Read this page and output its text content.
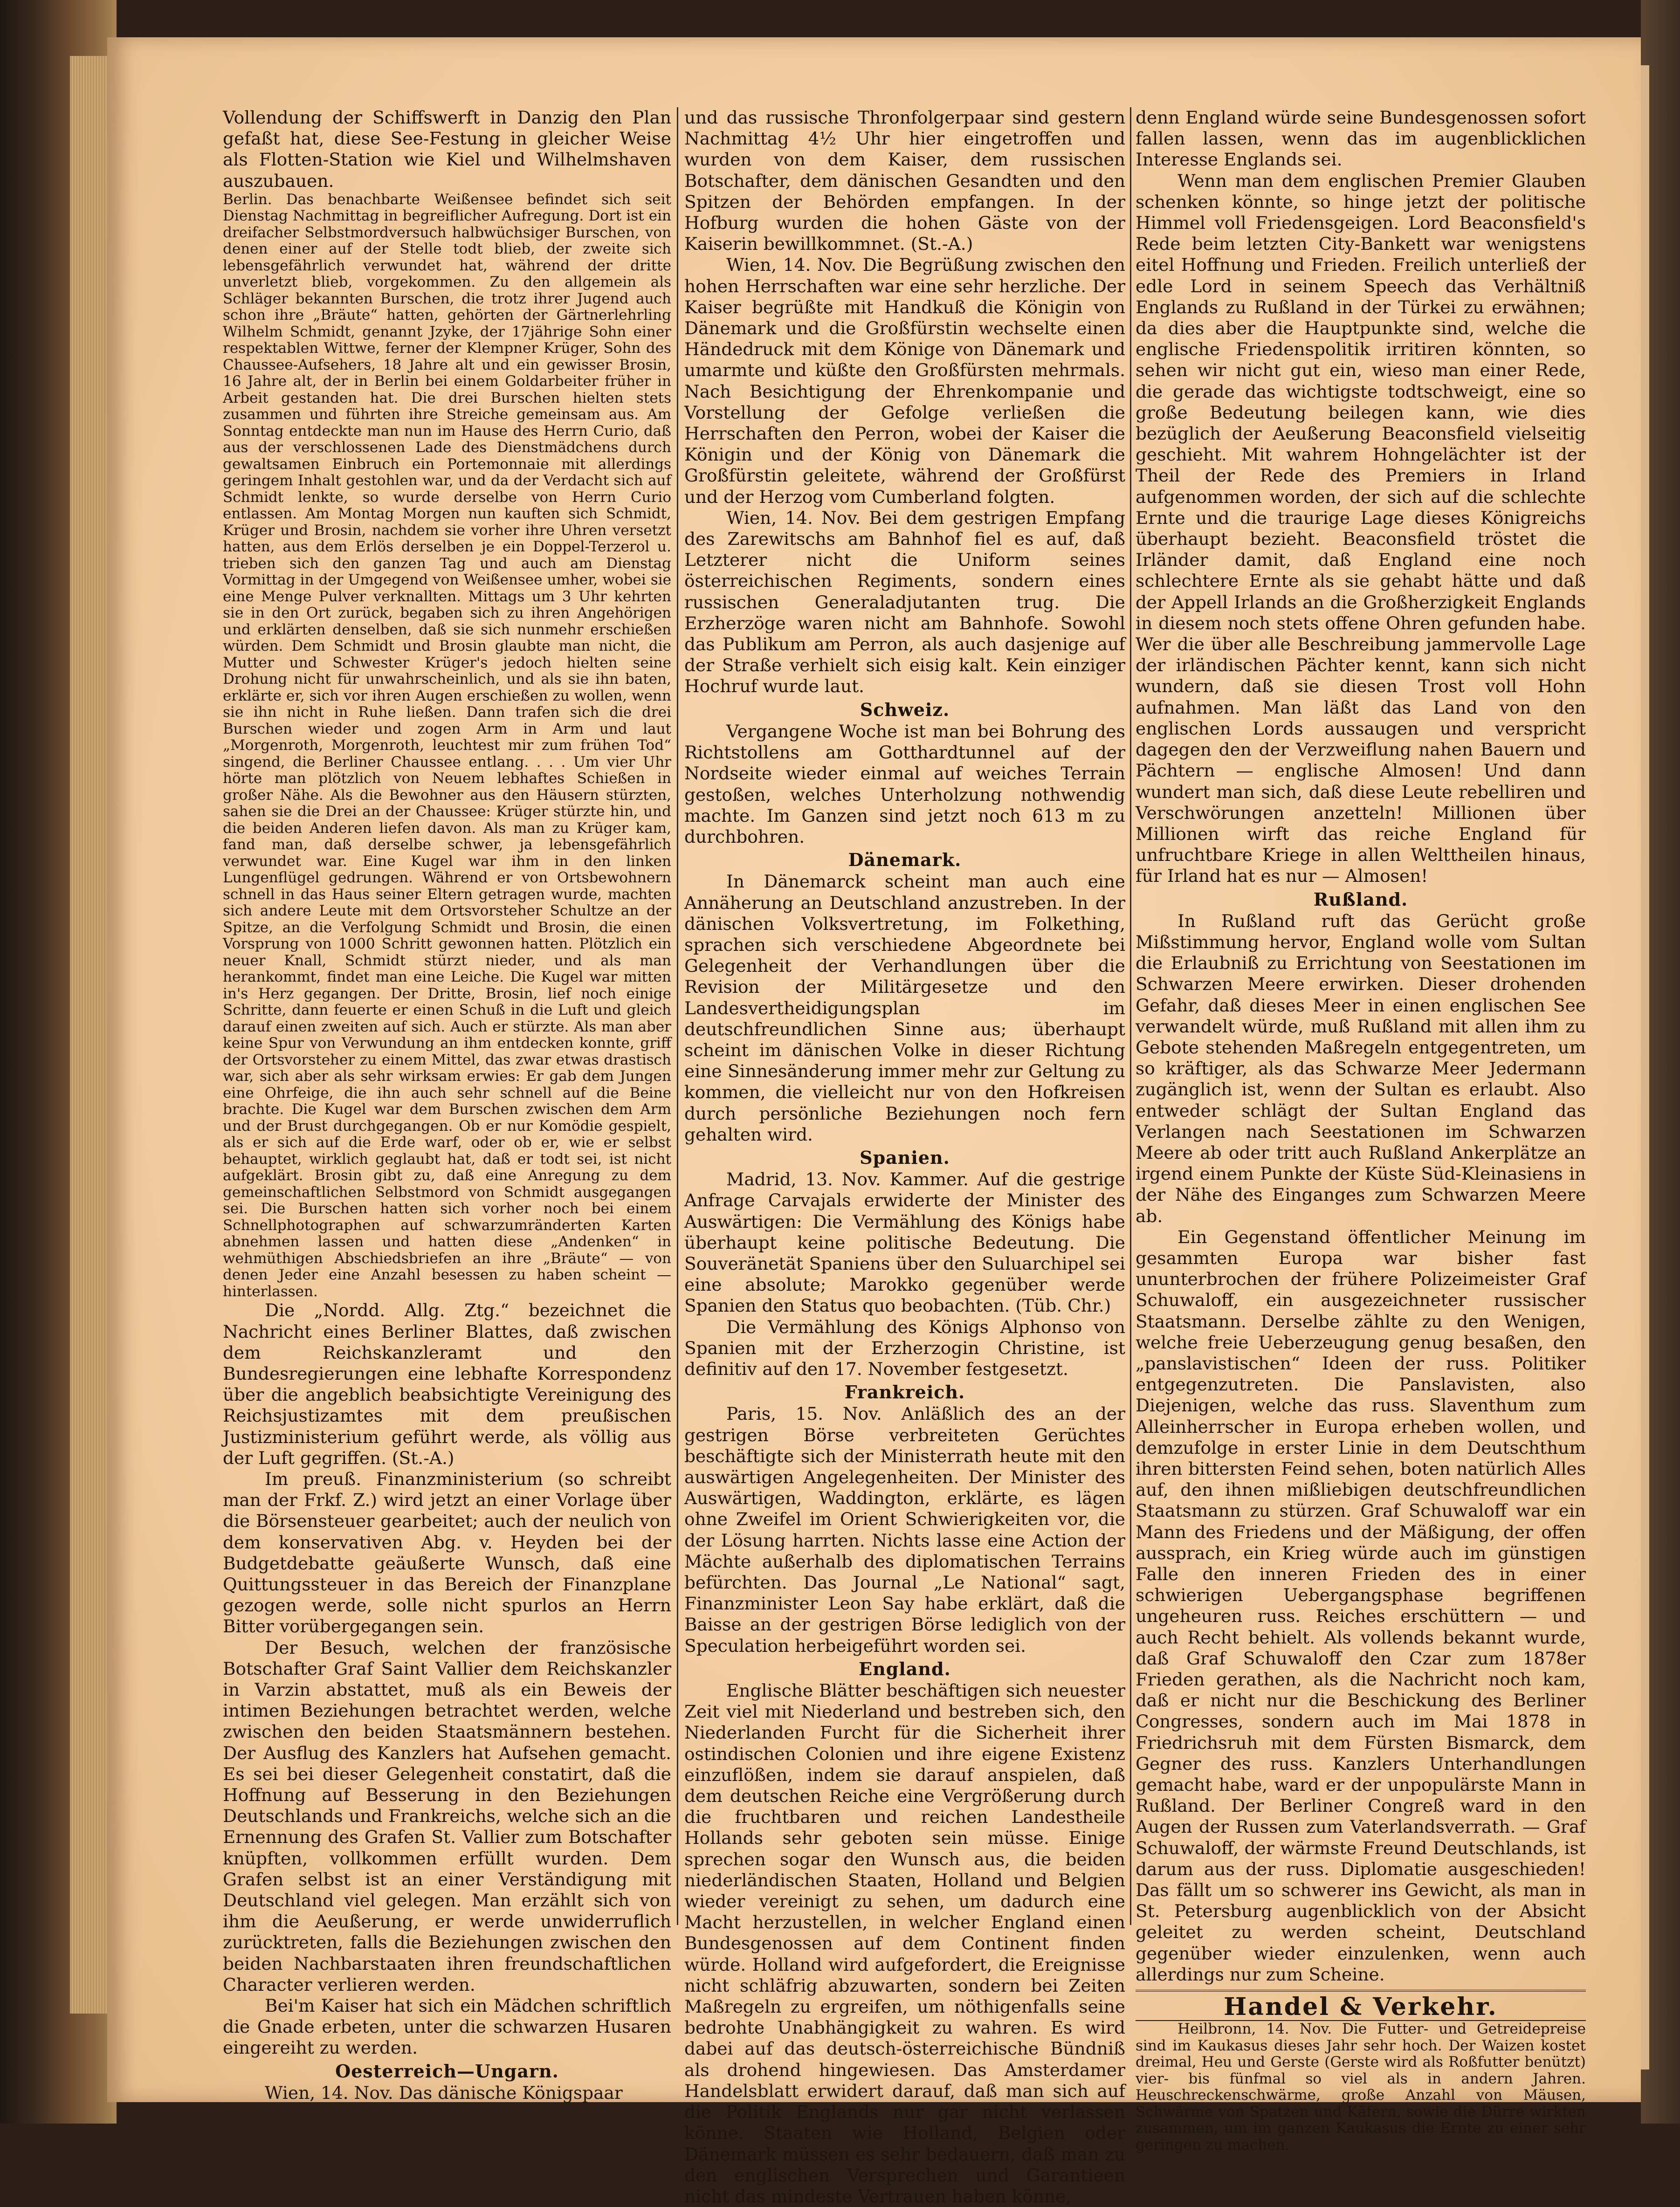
Vollendung der Schiffswerft in Danzig den Plan gefaßt hat, diese See-Festung in gleicher Weise als Flotten-Station wie Kiel und Wilhelmshaven auszubauen.

Berlin. Das benachbarte Weißensee befindet sich seit Dienstag Nachmittag in begreiflicher Aufregung. Dort ist ein dreifacher Selbstmordversuch halbwüchsiger Burschen, von denen einer auf der Stelle todt blieb, der zweite sich lebensgefährlich verwundet hat, während der dritte unverletzt blieb, vorgekommen. Zu den allgemein als Schläger bekannten Burschen, die trotz ihrer Jugend auch schon ihre „Bräute“ hatten, gehörten der Gärtnerlehrling Wilhelm Schmidt, genannt Jzyke, der 17jährige Sohn einer respektablen Wittwe, ferner der Klempner Krüger, Sohn des Chaussee-Aufsehers, 18 Jahre alt und ein gewisser Brosin, 16 Jahre alt, der in Berlin bei einem Goldarbeiter früher in Arbeit gestanden hat. Die drei Burschen hielten stets zusammen und führten ihre Streiche gemeinsam aus. Am Sonntag entdeckte man nun im Hause des Herrn Curio, daß aus der verschlossenen Lade des Dienstmädchens durch gewaltsamen Einbruch ein Portemonnaie mit allerdings geringem Inhalt gestohlen war, und da der Verdacht sich auf Schmidt lenkte, so wurde derselbe von Herrn Curio entlassen. Am Montag Morgen nun kauften sich Schmidt, Krüger und Brosin, nachdem sie vorher ihre Uhren versetzt hatten, aus dem Erlös derselben je ein Doppel-Terzerol u. trieben sich den ganzen Tag und auch am Dienstag Vormittag in der Umgegend von Weißensee umher, wobei sie eine Menge Pulver verknallten. Mittags um 3 Uhr kehrten sie in den Ort zurück, begaben sich zu ihren Angehörigen und erklärten denselben, daß sie sich nunmehr erschießen würden. Dem Schmidt und Brosin glaubte man nicht, die Mutter und Schwester Krüger's jedoch hielten seine Drohung nicht für unwahrscheinlich, und als sie ihn baten, erklärte er, sich vor ihren Augen erschießen zu wollen, wenn sie ihn nicht in Ruhe ließen. Dann trafen sich die drei Burschen wieder und zogen Arm in Arm und laut „Morgenroth, Morgenroth, leuchtest mir zum frühen Tod“ singend, die Berliner Chaussee entlang. . . . Um vier Uhr hörte man plötzlich von Neuem lebhaftes Schießen in großer Nähe. Als die Bewohner aus den Häusern stürzten, sahen sie die Drei an der Chaussee: Krüger stürzte hin, und die beiden Anderen liefen davon. Als man zu Krüger kam, fand man, daß derselbe schwer, ja lebensgefährlich verwundet war. Eine Kugel war ihm in den linken Lungenflügel gedrungen. Während er von Ortsbewohnern schnell in das Haus seiner Eltern getragen wurde, machten sich andere Leute mit dem Ortsvorsteher Schultze an der Spitze, an die Verfolgung Schmidt und Brosin, die einen Vorsprung von 1000 Schritt gewonnen hatten. Plötzlich ein neuer Knall, Schmidt stürzt nieder, und als man herankommt, findet man eine Leiche. Die Kugel war mitten in's Herz gegangen. Der Dritte, Brosin, lief noch einige Schritte, dann feuerte er einen Schuß in die Luft und gleich darauf einen zweiten auf sich. Auch er stürzte. Als man aber keine Spur von Verwundung an ihm entdecken konnte, griff der Ortsvorsteher zu einem Mittel, das zwar etwas drastisch war, sich aber als sehr wirksam erwies: Er gab dem Jungen eine Ohrfeige, die ihn auch sehr schnell auf die Beine brachte. Die Kugel war dem Burschen zwischen dem Arm und der Brust durchgegangen. Ob er nur Komödie gespielt, als er sich auf die Erde warf, oder ob er, wie er selbst behauptet, wirklich geglaubt hat, daß er todt sei, ist nicht aufgeklärt. Brosin gibt zu, daß eine Anregung zu dem gemeinschaftlichen Selbstmord von Schmidt ausgegangen sei. Die Burschen hatten sich vorher noch bei einem Schnellphotographen auf schwarzumränderten Karten abnehmen lassen und hatten diese „Andenken“ in wehmüthigen Abschiedsbriefen an ihre „Bräute“ — von denen Jeder eine Anzahl besessen zu haben scheint — hinterlassen.

Die „Nordd. Allg. Ztg.“ bezeichnet die Nachricht eines Berliner Blattes, daß zwischen dem Reichskanzleramt und den Bundesregierungen eine lebhafte Korrespondenz über die angeblich beabsichtigte Vereinigung des Reichsjustizamtes mit dem preußischen Justizministerium geführt werde, als völlig aus der Luft gegriffen. (St.-A.)

Im preuß. Finanzministerium (so schreibt man der Frkf. Z.) wird jetzt an einer Vorlage über die Börsensteuer gearbeitet; auch der neulich von dem konservativen Abg. v. Heyden bei der Budgetdebatte geäußerte Wunsch, daß eine Quittungssteuer in das Bereich der Finanzplane gezogen werde, solle nicht spurlos an Herrn Bitter vorübergegangen sein.

Der Besuch, welchen der französische Botschafter Graf Saint Vallier dem Reichskanzler in Varzin abstattet, muß als ein Beweis der intimen Beziehungen betrachtet werden, welche zwischen den beiden Staatsmännern bestehen. Der Ausflug des Kanzlers hat Aufsehen gemacht. Es sei bei dieser Gelegenheit constatirt, daß die Hoffnung auf Besserung in den Beziehungen Deutschlands und Frankreichs, welche sich an die Ernennung des Grafen St. Vallier zum Botschafter knüpften, vollkommen erfüllt wurden. Dem Grafen selbst ist an einer Verständigung mit Deutschland viel gelegen. Man erzählt sich von ihm die Aeußerung, er werde unwiderruflich zurücktreten, falls die Beziehungen zwischen den beiden Nachbarstaaten ihren freundschaftlichen Character verlieren werden.

Bei'm Kaiser hat sich ein Mädchen schriftlich die Gnade erbeten, unter die schwarzen Husaren eingereiht zu werden.

Oesterreich—Ungarn.

Wien, 14. Nov. Das dänische Königspaar

und das russische Thronfolgerpaar sind gestern Nachmittag 4½ Uhr hier eingetroffen und wurden von dem Kaiser, dem russischen Botschafter, dem dänischen Gesandten und den Spitzen der Behörden empfangen. In der Hofburg wurden die hohen Gäste von der Kaiserin bewillkommnet. (St.-A.)

Wien, 14. Nov. Die Begrüßung zwischen den hohen Herrschaften war eine sehr herzliche. Der Kaiser begrüßte mit Handkuß die Königin von Dänemark und die Großfürstin wechselte einen Händedruck mit dem Könige von Dänemark und umarmte und küßte den Großfürsten mehrmals. Nach Besichtigung der Ehrenkompanie und Vorstellung der Gefolge verließen die Herrschaften den Perron, wobei der Kaiser die Königin und der König von Dänemark die Großfürstin geleitete, während der Großfürst und der Herzog vom Cumberland folgten.

Wien, 14. Nov. Bei dem gestrigen Empfang des Zarewitschs am Bahnhof fiel es auf, daß Letzterer nicht die Uniform seines österreichischen Regiments, sondern eines russischen Generaladjutanten trug. Die Erzherzöge waren nicht am Bahnhofe. Sowohl das Publikum am Perron, als auch dasjenige auf der Straße verhielt sich eisig kalt. Kein einziger Hochruf wurde laut.

Schweiz.

Vergangene Woche ist man bei Bohrung des Richtstollens am Gotthardtunnel auf der Nordseite wieder einmal auf weiches Terrain gestoßen, welches Unterholzung nothwendig machte. Im Ganzen sind jetzt noch 613 m zu durchbohren.

Dänemark.

In Dänemarck scheint man auch eine Annäherung an Deutschland anzustreben. In der dänischen Volksvertretung, im Folkething, sprachen sich verschiedene Abgeordnete bei Gelegenheit der Verhandlungen über die Revision der Militärgesetze und den Landesvertheidigungsplan im deutschfreundlichen Sinne aus; überhaupt scheint im dänischen Volke in dieser Richtung eine Sinnesänderung immer mehr zur Geltung zu kommen, die vielleicht nur von den Hofkreisen durch persönliche Beziehungen noch fern gehalten wird.

Spanien.

Madrid, 13. Nov. Kammer. Auf die gestrige Anfrage Carvajals erwiderte der Minister des Auswärtigen: Die Vermählung des Königs habe überhaupt keine politische Bedeutung. Die Souveränetät Spaniens über den Suluarchipel sei eine absolute; Marokko gegenüber werde Spanien den Status quo beobachten. (Tüb. Chr.)

Die Vermählung des Königs Alphonso von Spanien mit der Erzherzogin Christine, ist definitiv auf den 17. November festgesetzt.

Frankreich.

Paris, 15. Nov. Anläßlich des an der gestrigen Börse verbreiteten Gerüchtes beschäftigte sich der Ministerrath heute mit den auswärtigen Angelegenheiten. Der Minister des Auswärtigen, Waddington, erklärte, es lägen ohne Zweifel im Orient Schwierigkeiten vor, die der Lösung harrten. Nichts lasse eine Action der Mächte außerhalb des diplomatischen Terrains befürchten. Das Journal „Le National“ sagt, Finanzminister Leon Say habe erklärt, daß die Baisse an der gestrigen Börse lediglich von der Speculation herbeigeführt worden sei.

England.

Englische Blätter beschäftigen sich neuester Zeit viel mit Niederland und bestreben sich, den Niederlanden Furcht für die Sicherheit ihrer ostindischen Colonien und ihre eigene Existenz einzuflößen, indem sie darauf anspielen, daß dem deutschen Reiche eine Vergrößerung durch die fruchtbaren und reichen Landestheile Hollands sehr geboten sein müsse. Einige sprechen sogar den Wunsch aus, die beiden niederländischen Staaten, Holland und Belgien wieder vereinigt zu sehen, um dadurch eine Macht herzustellen, in welcher England einen Bundesgenossen auf dem Continent finden würde. Holland wird aufgefordert, die Ereignisse nicht schläfrig abzuwarten, sondern bei Zeiten Maßregeln zu ergreifen, um nöthigenfalls seine bedrohte Unabhängigkeit zu wahren. Es wird dabei auf das deutsch-österreichische Bündniß als drohend hingewiesen. Das Amsterdamer Handelsblatt erwidert darauf, daß man sich auf die Politik Englands nur gar nicht verlassen könne. Staaten wie Holland, Belgien oder Dänemark müssen es sehr bedauern, daß man zu den englischen Versprechen und Garantieen nicht das mindeste Vertrauen haben könne,

denn England würde seine Bundesgenossen sofort fallen lassen, wenn das im augenblicklichen Interesse Englands sei.

Wenn man dem englischen Premier Glauben schenken könnte, so hinge jetzt der politische Himmel voll Friedensgeigen. Lord Beaconsfield's Rede beim letzten City-Bankett war wenigstens eitel Hoffnung und Frieden. Freilich unterließ der edle Lord in seinem Speech das Verhältniß Englands zu Rußland in der Türkei zu erwähnen; da dies aber die Hauptpunkte sind, welche die englische Friedenspolitik irritiren könnten, so sehen wir nicht gut ein, wieso man einer Rede, die gerade das wichtigste todtschweigt, eine so große Bedeutung beilegen kann, wie dies bezüglich der Aeußerung Beaconsfield vielseitig geschieht. Mit wahrem Hohngelächter ist der Theil der Rede des Premiers in Irland aufgenommen worden, der sich auf die schlechte Ernte und die traurige Lage dieses Königreichs überhaupt bezieht. Beaconsfield tröstet die Irländer damit, daß England eine noch schlechtere Ernte als sie gehabt hätte und daß der Appell Irlands an die Großherzigkeit Englands in diesem noch stets offene Ohren gefunden habe. Wer die über alle Beschreibung jammervolle Lage der irländischen Pächter kennt, kann sich nicht wundern, daß sie diesen Trost voll Hohn aufnahmen. Man läßt das Land von den englischen Lords aussaugen und verspricht dagegen den der Verzweiflung nahen Bauern und Pächtern — englische Almosen! Und dann wundert man sich, daß diese Leute rebelliren und Verschwörungen anzetteln! Millionen über Millionen wirft das reiche England für unfruchtbare Kriege in allen Welttheilen hinaus, für Irland hat es nur — Almosen!

Rußland.

In Rußland ruft das Gerücht große Mißstimmung hervor, England wolle vom Sultan die Erlaubniß zu Errichtung von Seestationen im Schwarzen Meere erwirken. Dieser drohenden Gefahr, daß dieses Meer in einen englischen See verwandelt würde, muß Rußland mit allen ihm zu Gebote stehenden Maßregeln entgegentreten, um so kräftiger, als das Schwarze Meer Jedermann zugänglich ist, wenn der Sultan es erlaubt. Also entweder schlägt der Sultan England das Verlangen nach Seestationen im Schwarzen Meere ab oder tritt auch Rußland Ankerplätze an irgend einem Punkte der Küste Süd-Kleinasiens in der Nähe des Einganges zum Schwarzen Meere ab.

Ein Gegenstand öffentlicher Meinung im gesammten Europa war bisher fast ununterbrochen der frühere Polizeimeister Graf Schuwaloff, ein ausgezeichneter russischer Staatsmann. Derselbe zählte zu den Wenigen, welche freie Ueberzeugung genug besaßen, den „panslavistischen“ Ideen der russ. Politiker entgegenzutreten. Die Panslavisten, also Diejenigen, welche das russ. Slaventhum zum Alleinherrscher in Europa erheben wollen, und demzufolge in erster Linie in dem Deutschthum ihren bittersten Feind sehen, boten natürlich Alles auf, den ihnen mißliebigen deutschfreundlichen Staatsmann zu stürzen. Graf Schuwaloff war ein Mann des Friedens und der Mäßigung, der offen aussprach, ein Krieg würde auch im günstigen Falle den inneren Frieden des in einer schwierigen Uebergangsphase begriffenen ungeheuren russ. Reiches erschüttern — und auch Recht behielt. Als vollends bekannt wurde, daß Graf Schuwaloff den Czar zum 1878er Frieden gerathen, als die Nachricht noch kam, daß er nicht nur die Beschickung des Berliner Congresses, sondern auch im Mai 1878 in Friedrichsruh mit dem Fürsten Bismarck, dem Gegner des russ. Kanzlers Unterhandlungen gemacht habe, ward er der unpopulärste Mann in Rußland. Der Berliner Congreß ward in den Augen der Russen zum Vaterlandsverrath. — Graf Schuwaloff, der wärmste Freund Deutschlands, ist darum aus der russ. Diplomatie ausgeschieden! Das fällt um so schwerer ins Gewicht, als man in St. Petersburg augenblicklich von der Absicht geleitet zu werden scheint, Deutschland gegenüber wieder einzulenken, wenn auch allerdings nur zum Scheine.

Handel & Verkehr.

Heilbronn, 14. Nov. Die Futter- und Getreidepreise sind im Kaukasus dieses Jahr sehr hoch. Der Waizen kostet dreimal, Heu und Gerste (Gerste wird als Roßfutter benützt) vier- bis fünfmal so viel als in andern Jahren. Heuschreckenschwärme, große Anzahl von Mäusen, Schwärme von Spatzen und Käfern, sowie die Dürre wirkten zusammen, um im ganzen Kaukasus die Ernte zu einer sehr geringen zu machen.
